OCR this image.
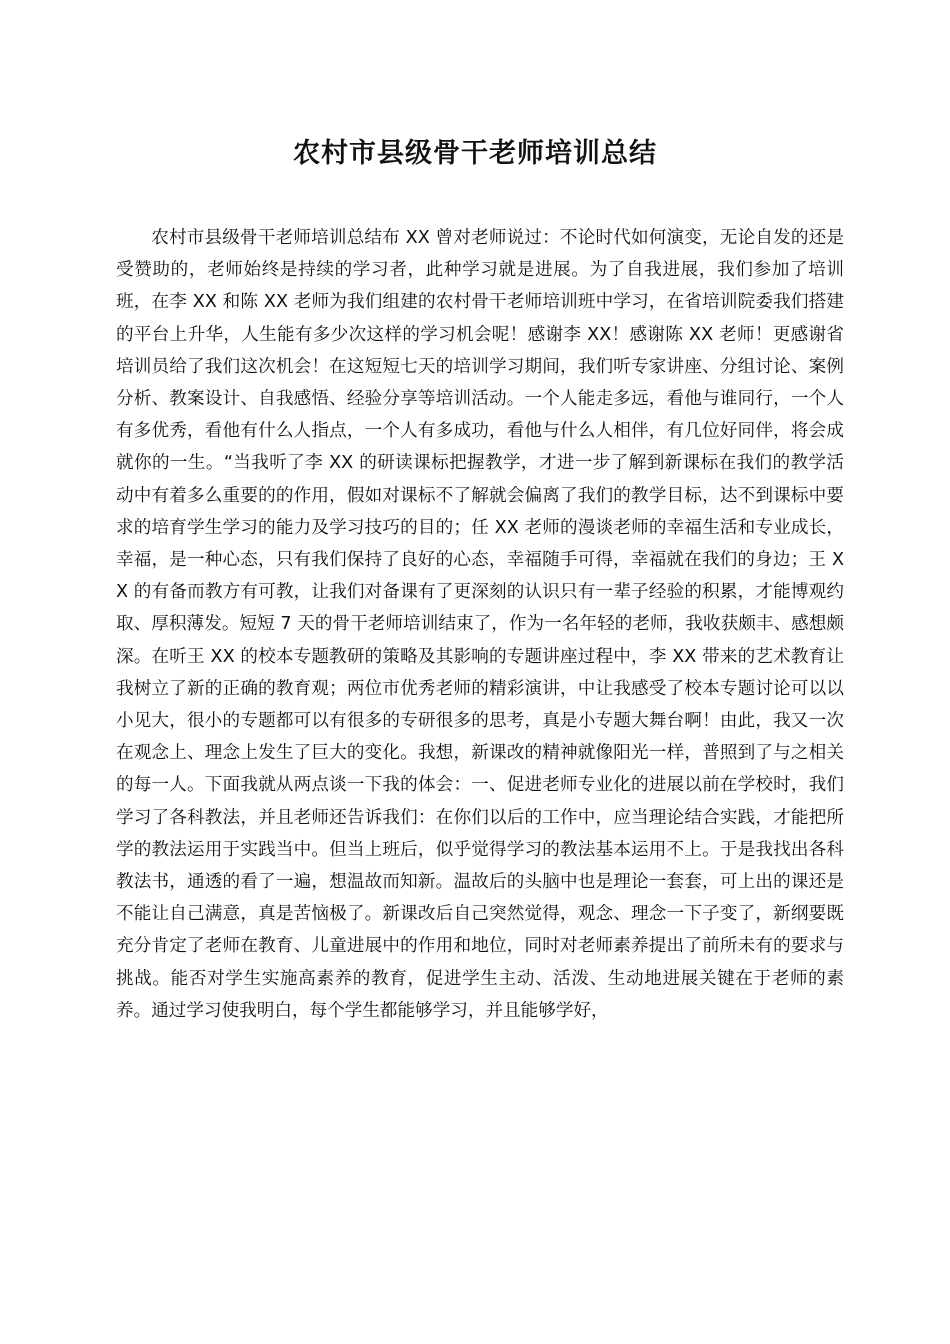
农村市县级骨干老师培训总结

农村市县级骨干老师培训总结布 XX 曾对老师说过：不论时代如何演变，无论自发的还是受赞助的，老师始终是持续的学习者，此种学习就是进展。为了自我进展，我们参加了培训班，在李 XX 和陈 XX 老师为我们组建的农村骨干老师培训班中学习，在省培训院委我们搭建的平台上升华，人生能有多少次这样的学习机会呢！感谢李 XX！感谢陈 XX 老师！更感谢省培训员给了我们这次机会！在这短短七天的培训学习期间，我们听专家讲座、分组讨论、案例分析、教案设计、自我感悟、经验分享等培训活动。一个人能走多远，看他与谁同行，一个人有多优秀，看他有什么人指点，一个人有多成功，看他与什么人相伴，有几位好同伴，将会成就你的一生。“当我听了李 XX 的研读课标把握教学，才进一步了解到新课标在我们的教学活动中有着多么重要的的作用，假如对课标不了解就会偏离了我们的教学目标，达不到课标中要求的培育学生学习的能力及学习技巧的目的；任 XX 老师的漫谈老师的幸福生活和专业成长，幸福，是一种心态，只有我们保持了良好的心态，幸福随手可得，幸福就在我们的身边；王 XX 的有备而教方有可教，让我们对备课有了更深刻的认识只有一辈子经验的积累，才能博观约取、厚积薄发。短短 7 天的骨干老师培训结束了，作为一名年轻的老师，我收获颇丰、感想颇深。在听王 XX 的校本专题教研的策略及其影响的专题讲座过程中，李 XX 带来的艺术教育让我树立了新的正确的教育观；两位市优秀老师的精彩演讲，中让我感受了校本专题讨论可以以小见大，很小的专题都可以有很多的专研很多的思考，真是小专题大舞台啊！由此，我又一次在观念上、理念上发生了巨大的变化。我想，新课改的精神就像阳光一样，普照到了与之相关的每一人。下面我就从两点谈一下我的体会：一、促进老师专业化的进展以前在学校时，我们学习了各科教法，并且老师还告诉我们：在你们以后的工作中，应当理论结合实践，才能把所学的教法运用于实践当中。但当上班后，似乎觉得学习的教法基本运用不上。于是我找出各科教法书，通透的看了一遍，想温故而知新。温故后的头脑中也是理论一套套，可上出的课还是不能让自己满意，真是苦恼极了。新课改后自己突然觉得，观念、理念一下子变了，新纲要既充分肯定了老师在教育、儿童进展中的作用和地位，同时对老师素养提出了前所未有的要求与挑战。能否对学生实施高素养的教育，促进学生主动、活泼、生动地进展关键在于老师的素养。通过学习使我明白，每个学生都能够学习，并且能够学好，
